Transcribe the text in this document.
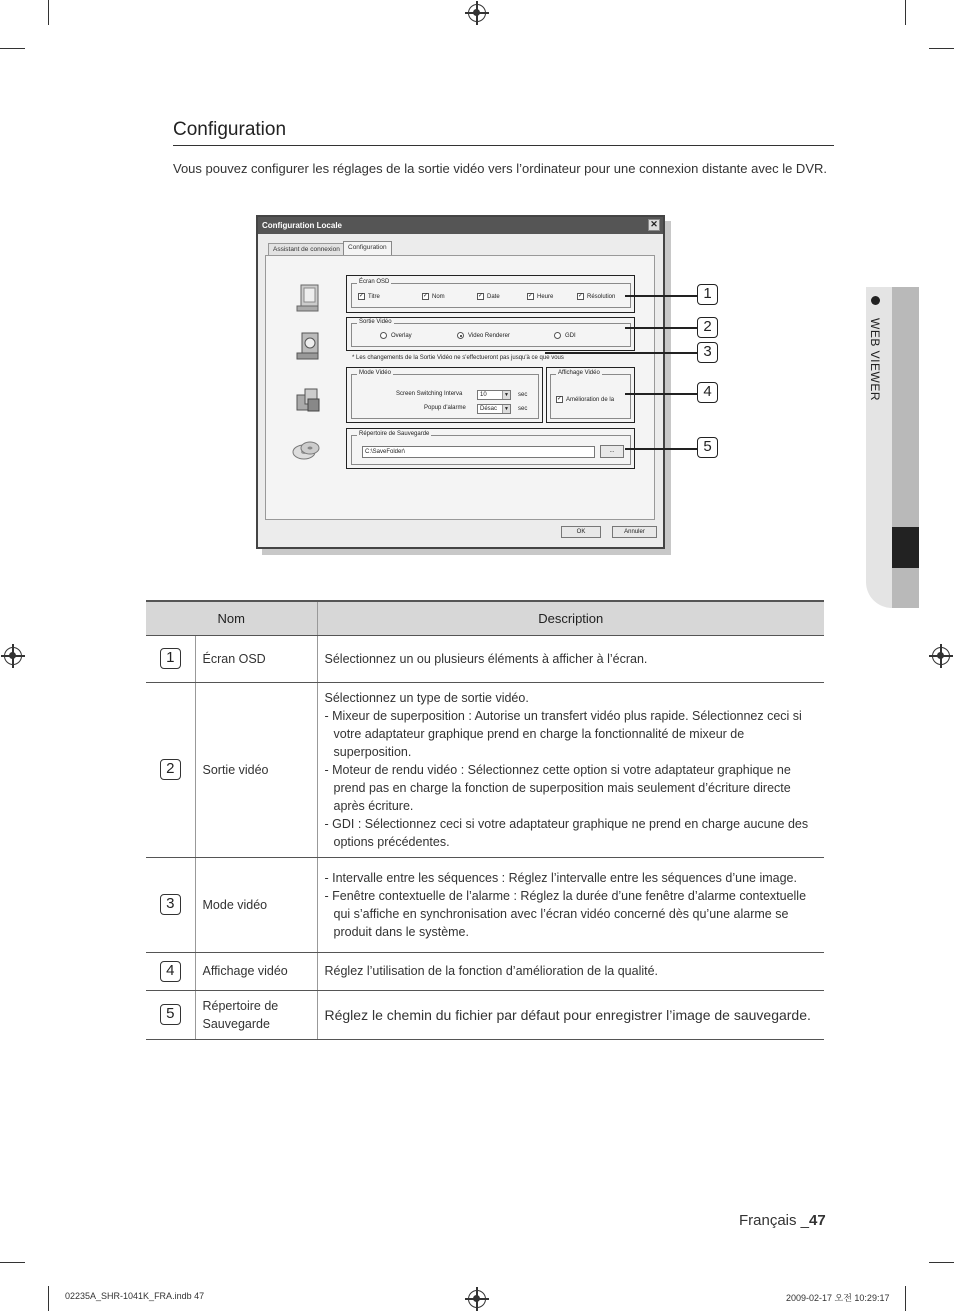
WEB VIEWER
Configuration
Vous pouvez configurer les réglages de la sortie vidéo vers l’ordinateur pour une connexion distante avec le DVR.
Configuration Locale	✕
Assistant de connexion	Configuration
Écran OSD
✓ Titre	✓ Nom	✓ Date	✓ Heure	✓ Résolution
Sortie Vidéo
Overlay	Video Renderer	GDI
* Les changements de la Sortie Vidéo ne s'effectueront pas jusqu'à ce que vous
Mode Vidéo
Screen Switching Interva	10	▼ sec
Popup d'alarme	Désac	▼ sec
Affichage Vidéo
✓ Amélioration de la
Répertoire de Sauvegarde
C:\SaveFolder\	...
OK	Annuler
1
2
3
4
5
Nom		Description
1	Écran OSD	Sélectionnez un ou plusieurs éléments à afficher à l’écran.

2	Sortie vidéo	Sélectionnez un type de sortie vidéo.
- Mixeur de superposition : Autorise un transfert vidéo plus rapide. Sélectionnez ceci si votre adaptateur graphique prend en charge la fonctionnalité de mixeur de superposition.
- Moteur de rendu vidéo : Sélectionnez cette option si votre adaptateur graphique ne prend pas en charge la fonction de superposition mais seulement d’écriture directe après écriture.
- GDI : Sélectionnez ceci si votre adaptateur graphique ne prend en charge aucune des options précédentes.

3	Mode vidéo	- Intervalle entre les séquences : Réglez l’intervalle entre les séquences d’une image.
- Fenêtre contextuelle de l’alarme : Réglez la durée d’une fenêtre d’alarme contextuelle qui s’affiche en synchronisation avec l’écran vidéo concerné dès qu’une alarme se produit dans le système.

4	Affichage vidéo	Réglez l’utilisation de la fonction d’amélioration de la qualité.

5	Répertoire de Sauvegarde	Réglez le chemin du fichier par défaut pour enregistrer l’image de sauvegarde.
Français _47
02235A_SHR-1041K_FRA.indb 47	2009-02-17 오전 10:29:17
